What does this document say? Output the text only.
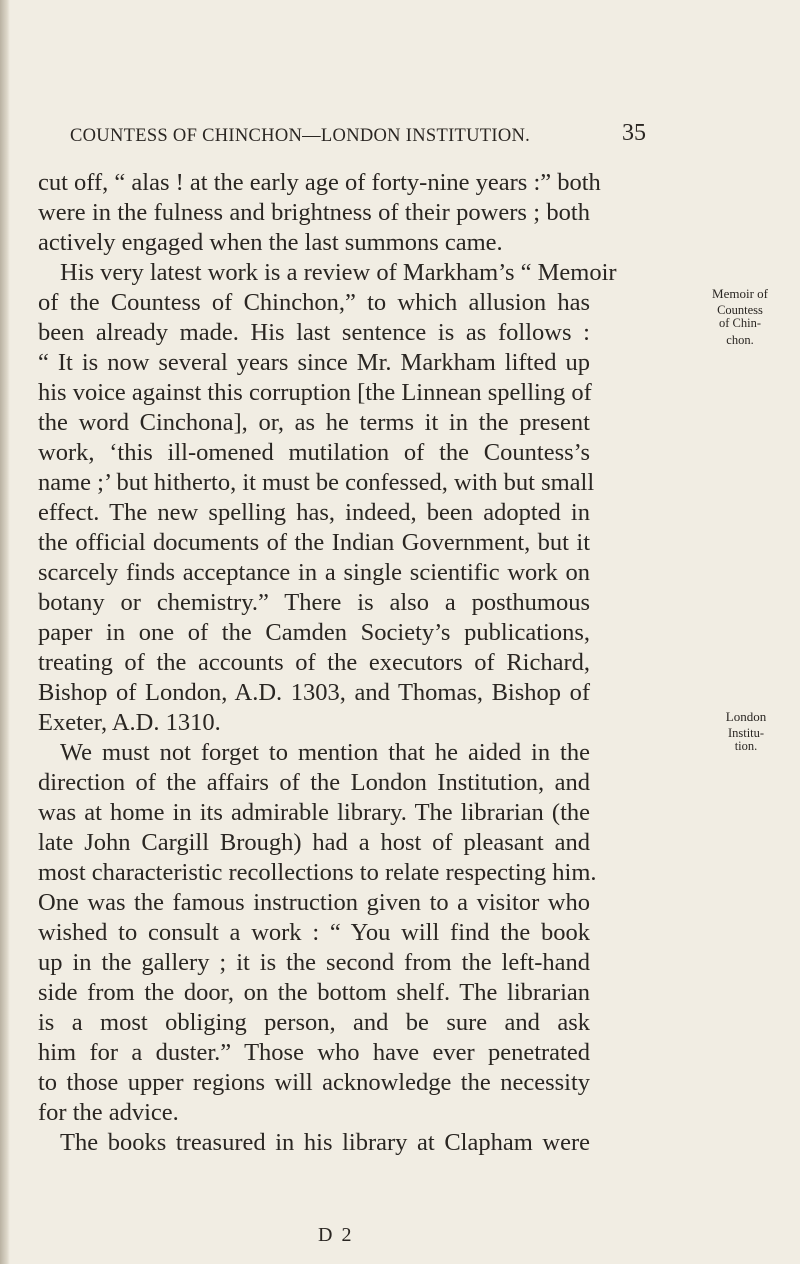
COUNTESS OF CHINCHON—LONDON INSTITUTION.	35
cut off, “ alas ! at the early age of forty-nine years :” both
were in the fulness and brightness of their powers ; both
actively engaged when the last summons came.
His very latest work is a review of Markham’s “ Memoir
of the Countess of Chinchon,” to which allusion has
been already made. His last sentence is as follows :
“ It is now several years since Mr. Markham lifted up
his voice against this corruption [the Linnean spelling of
the word Cinchona], or, as he terms it in the present
work, ‘this ill-omened mutilation of the Countess’s
name ;’ but hitherto, it must be confessed, with but small
effect. The new spelling has, indeed, been adopted in
the official documents of the Indian Government, but it
scarcely finds acceptance in a single scientific work on
botany or chemistry.” There is also a posthumous
paper in one of the Camden Society’s publications,
treating of the accounts of the executors of Richard,
Bishop of London, A.D. 1303, and Thomas, Bishop of
Exeter, A.D. 1310.
We must not forget to mention that he aided in the
direction of the affairs of the London Institution, and
was at home in its admirable library. The librarian (the
late John Cargill Brough) had a host of pleasant and
most characteristic recollections to relate respecting him.
One was the famous instruction given to a visitor who
wished to consult a work : “ You will find the book
up in the gallery ; it is the second from the left-hand
side from the door, on the bottom shelf. The librarian
is a most obliging person, and be sure and ask
him for a duster.” Those who have ever penetrated
to those upper regions will acknowledge the necessity
for the advice.
The books treasured in his library at Clapham were
Memoir of
Countess
of Chin-
chon.
London
Institu-
tion.
D 2
